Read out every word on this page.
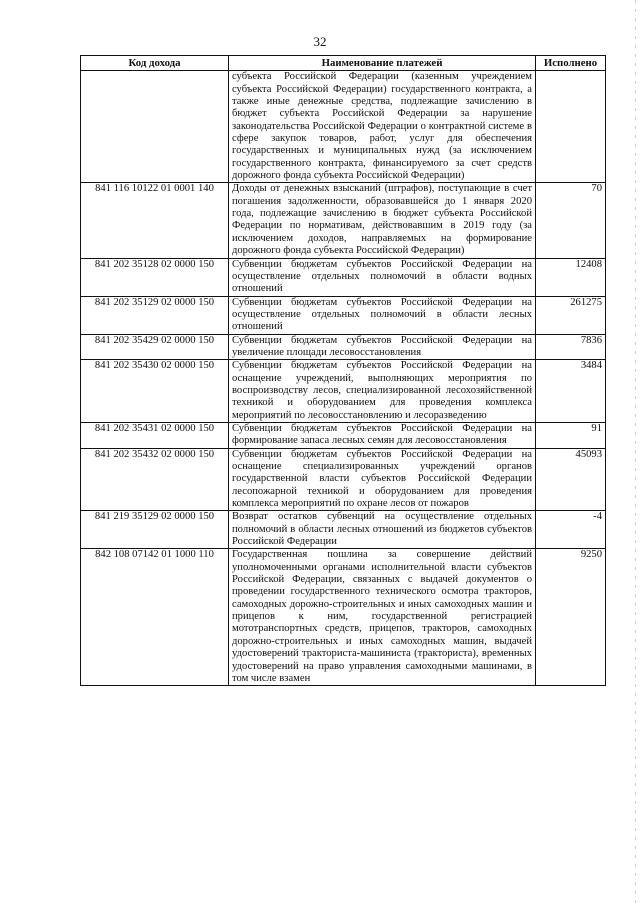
32
Код дохода	Наименование платежей	Исполнено
	субъекта Российской Федерации (казенным учреждением субъекта Российской Федерации) государственного контракта, а также иные денежные средства, подлежащие зачислению в бюджет субъекта Российской Федерации за нарушение законодательства Российской Федерации о контрактной системе в сфере закупок товаров, работ, услуг для обеспечения государственных и муниципальных нужд (за исключением государственного контракта, финансируемого за счет средств дорожного фонда субъекта Российской Федерации)	
841 116 10122 01 0001 140	Доходы от денежных взысканий (штрафов), поступающие в счет погашения задолженности, образовавшейся до 1 января 2020 года, подлежащие зачислению в бюджет субъекта Российской Федерации по нормативам, действовавшим в 2019 году (за исключением доходов, направляемых на формирование дорожного фонда субъекта Российской Федерации)	70
841 202 35128 02 0000 150	Субвенции бюджетам субъектов Российской Федерации на осуществление отдельных полномочий в области водных отношений	12408
841 202 35129 02 0000 150	Субвенции бюджетам субъектов Российской Федерации на осуществление отдельных полномочий в области лесных отношений	261275
841 202 35429 02 0000 150	Субвенции бюджетам субъектов Российской Федерации на увеличение площади лесовосстановления	7836
841 202 35430 02 0000 150	Субвенции бюджетам субъектов Российской Федерации на оснащение учреждений, выполняющих мероприятия по воспроизводству лесов, специализированной лесохозяйственной техникой и оборудованием для проведения комплекса мероприятий по лесовосстановлению и лесоразведению	3484
841 202 35431 02 0000 150	Субвенции бюджетам субъектов Российской Федерации на формирование запаса лесных семян для лесовосстановления	91
841 202 35432 02 0000 150	Субвенции бюджетам субъектов Российской Федерации на оснащение специализированных учреждений органов государственной власти субъектов Российской Федерации лесопожарной техникой и оборудованием для проведения комплекса мероприятий по охране лесов от пожаров	45093
841 219 35129 02 0000 150	Возврат остатков субвенций на осуществление отдельных полномочий в области лесных отношений из бюджетов субъектов Российской Федерации	-4
842 108 07142 01 1000 110	Государственная пошлина за совершение действий уполномоченными органами исполнительной власти субъектов Российской Федерации, связанных с выдачей документов о проведении государственного технического осмотра тракторов, самоходных дорожно-строительных и иных самоходных машин и прицепов к ним, государственной регистрацией мототранспортных средств, прицепов, тракторов, самоходных дорожно-строительных и иных самоходных машин, выдачей удостоверений тракториста-машиниста (тракториста), временных удостоверений на право управления самоходными машинами, в том числе взамен	9250
